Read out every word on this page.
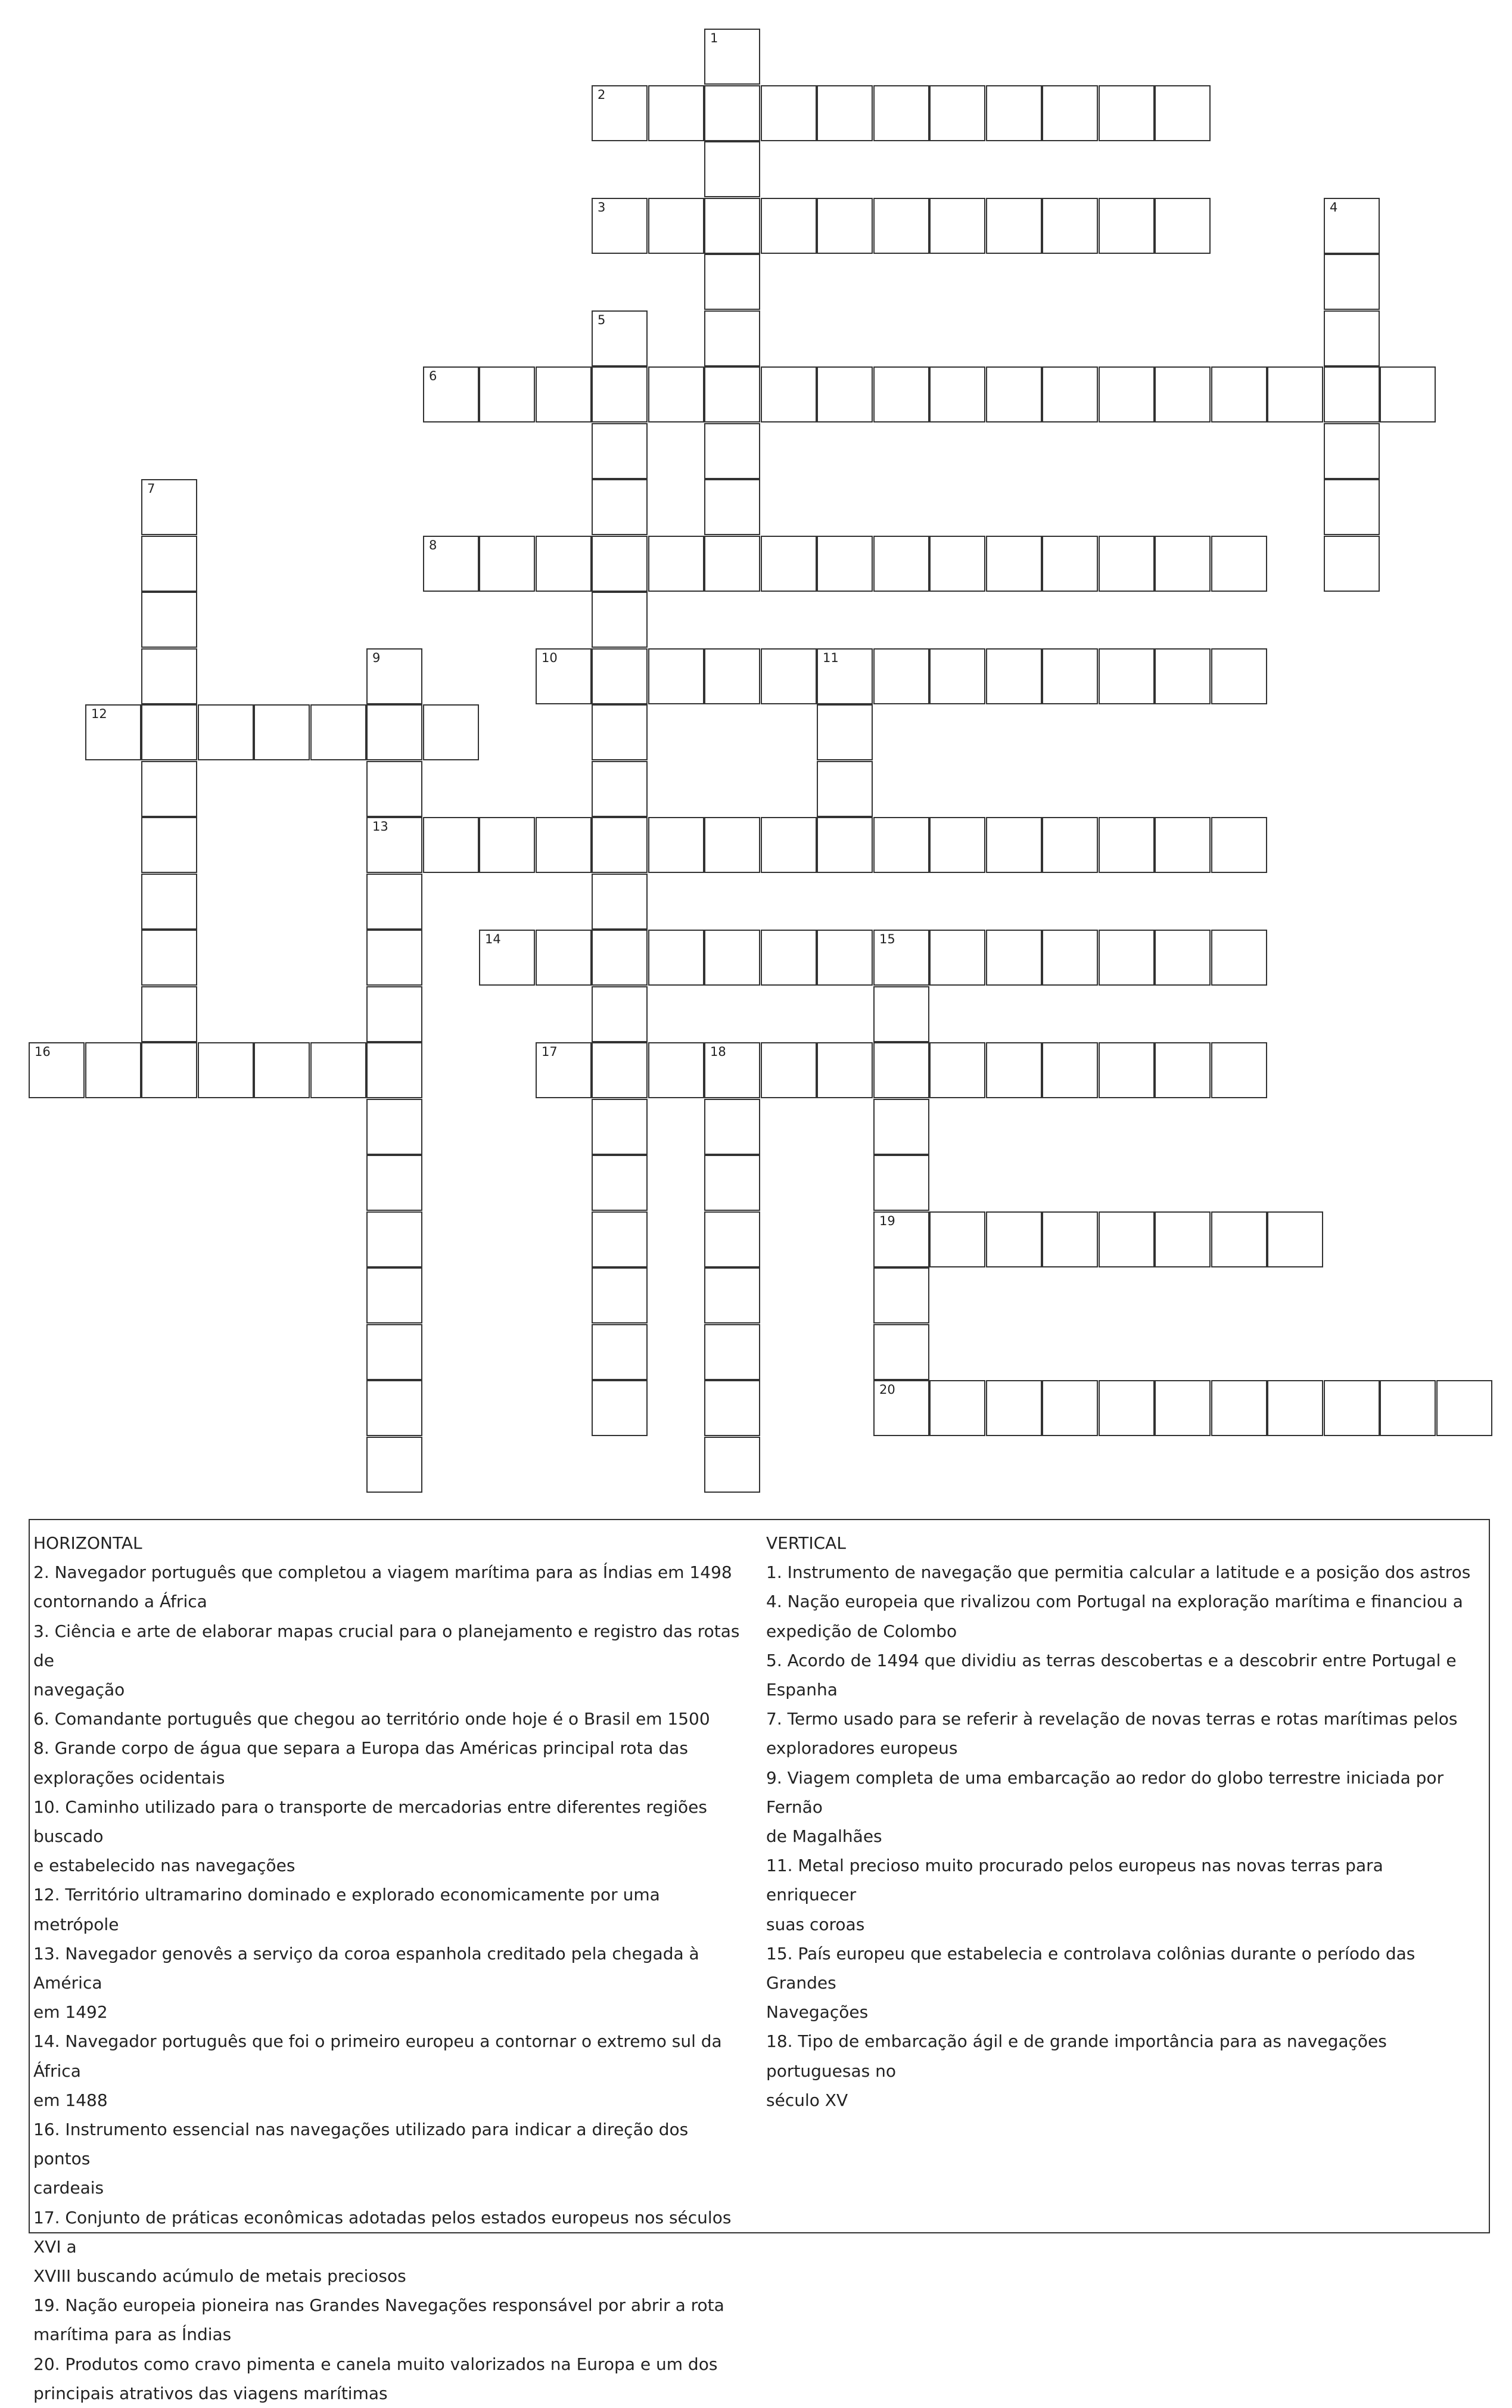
1
2
3	4
5
6
7
8
9
13
10	11
12
14	15
19
20
16	17	18

HORIZONTAL

2. Navegador português que completou a viagem marítima para as Índias em 1498

contornando a África

3. Ciência e arte de elaborar mapas crucial para o planejamento e registro das rotas de

navegação

6. Comandante português que chegou ao território onde hoje é o Brasil em 1500

8. Grande corpo de água que separa a Europa das Américas principal rota das

explorações ocidentais

10. Caminho utilizado para o transporte de mercadorias entre diferentes regiões buscado

e estabelecido nas navegações

12. Território ultramarino dominado e explorado economicamente por uma metrópole

13. Navegador genovês a serviço da coroa espanhola creditado pela chegada à América

em 1492

14. Navegador português que foi o primeiro europeu a contornar o extremo sul da África

em 1488

16. Instrumento essencial nas navegações utilizado para indicar a direção dos pontos

cardeais

17. Conjunto de práticas econômicas adotadas pelos estados europeus nos séculos XVI a

XVIII buscando acúmulo de metais preciosos

19. Nação europeia pioneira nas Grandes Navegações responsável por abrir a rota

marítima para as Índias

20. Produtos como cravo pimenta e canela muito valorizados na Europa e um dos

principais atrativos das viagens marítimas

VERTICAL

1. Instrumento de navegação que permitia calcular a latitude e a posição dos astros

4. Nação europeia que rivalizou com Portugal na exploração marítima e financiou a

expedição de Colombo

5. Acordo de 1494 que dividiu as terras descobertas e a descobrir entre Portugal e

Espanha

7. Termo usado para se referir à revelação de novas terras e rotas marítimas pelos

exploradores europeus

9. Viagem completa de uma embarcação ao redor do globo terrestre iniciada por Fernão

de Magalhães

11. Metal precioso muito procurado pelos europeus nas novas terras para enriquecer

suas coroas

15. País europeu que estabelecia e controlava colônias durante o período das Grandes

Navegações

18. Tipo de embarcação ágil e de grande importância para as navegações portuguesas no

século XV
